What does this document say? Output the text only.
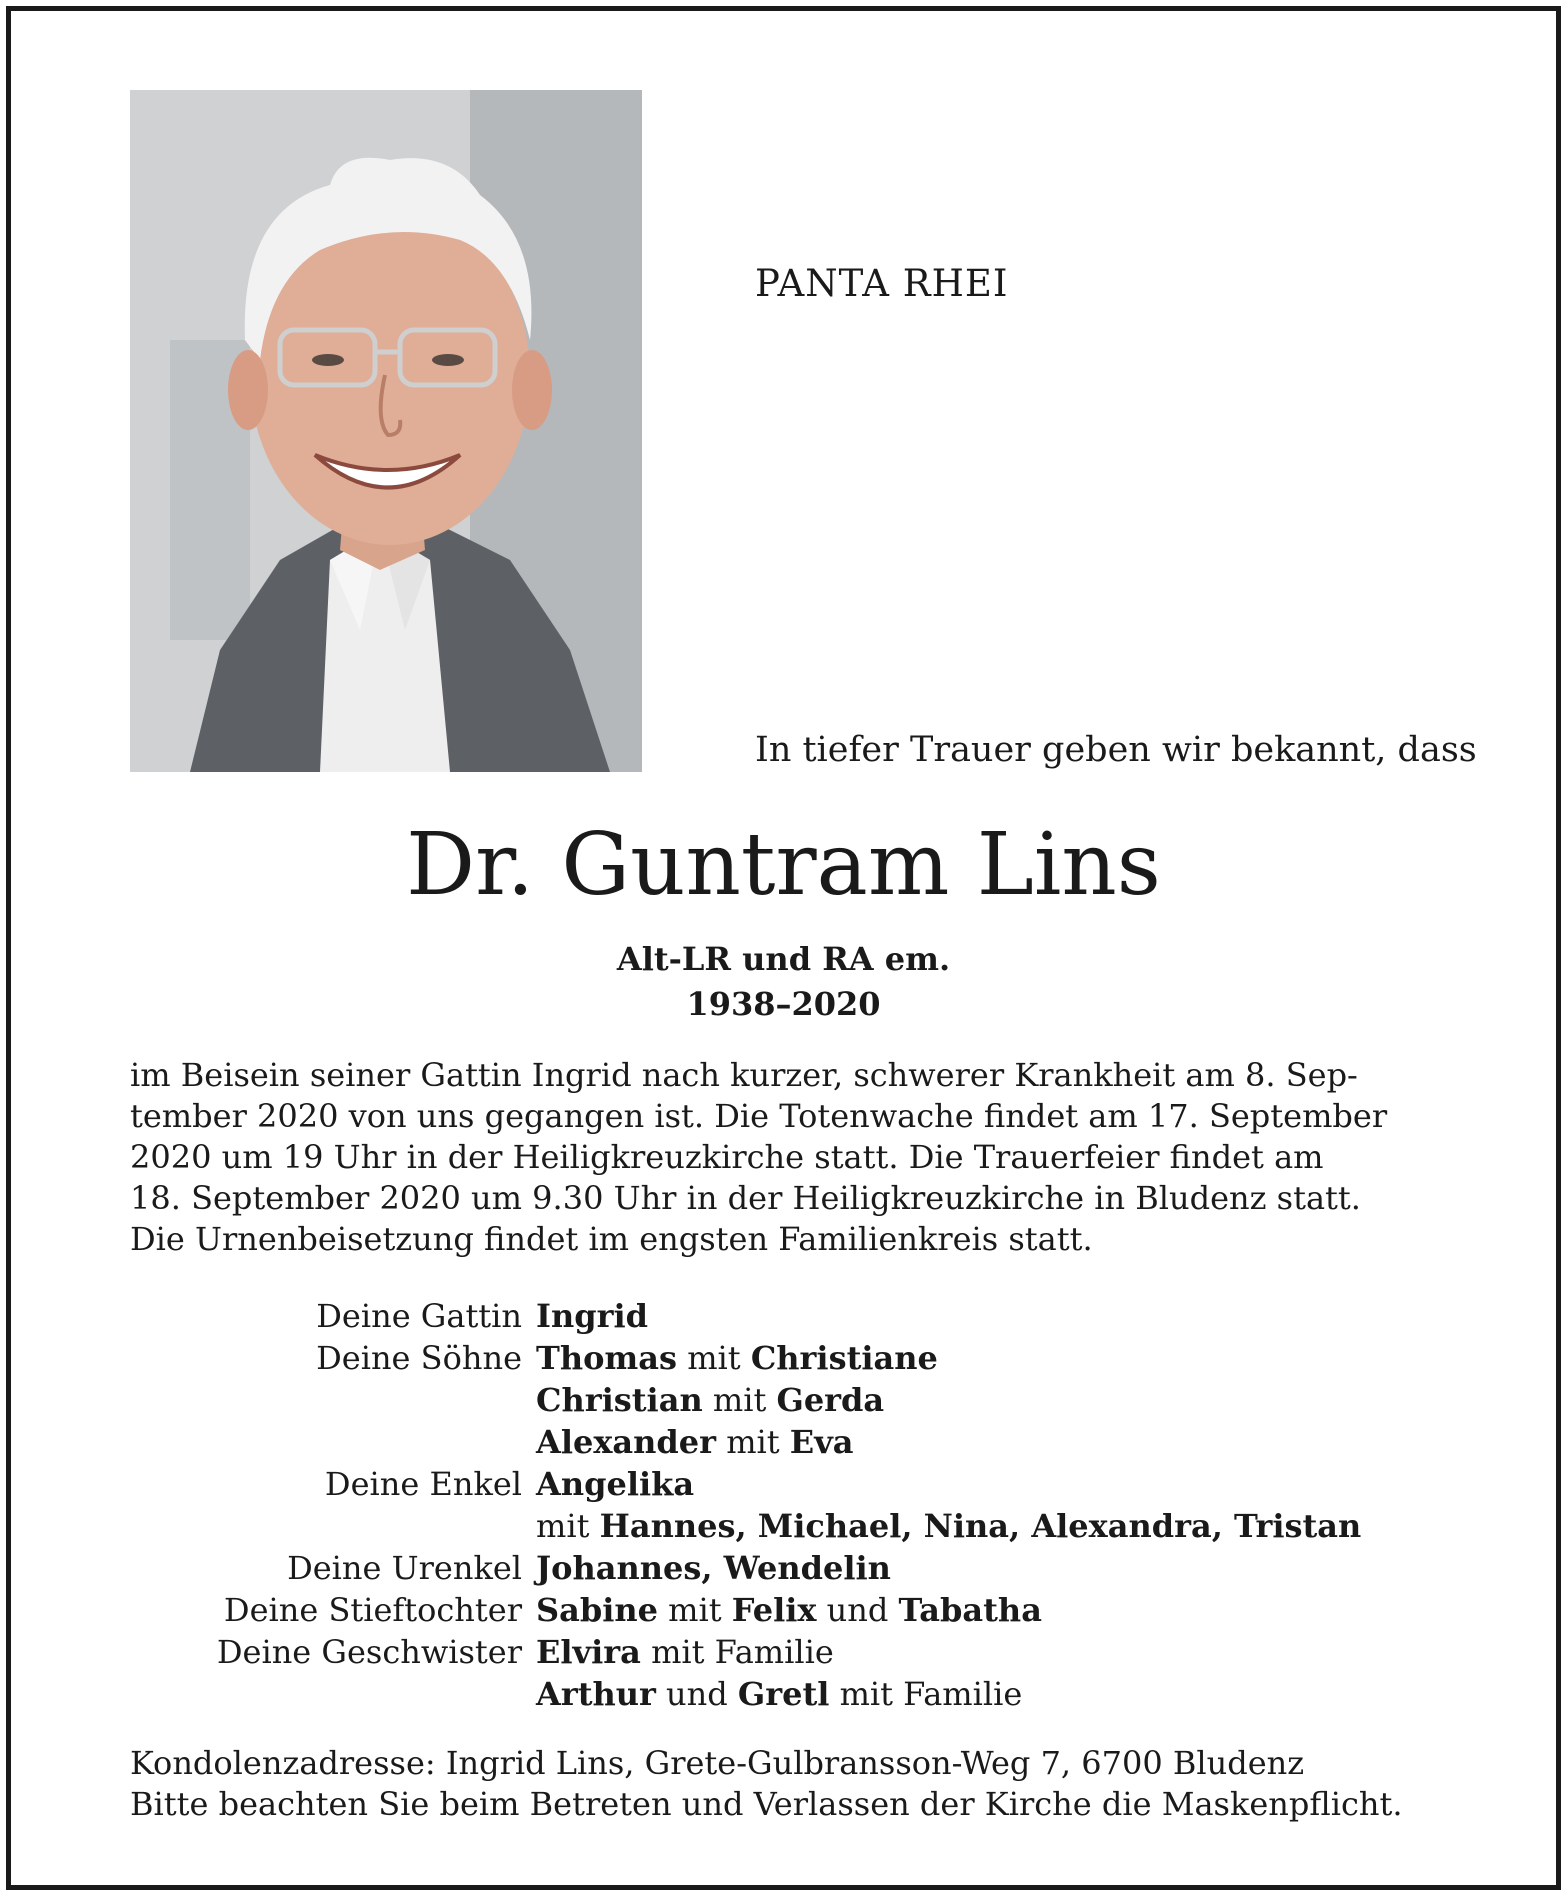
PANTA RHEI
In tiefer Trauer geben wir bekannt, dass
Dr. Guntram Lins
Alt-LR und RA em.
1938–2020
im Beisein seiner Gattin Ingrid nach kurzer, schwerer Krankheit am 8. Sep-
tember 2020 von uns gegangen ist. Die Totenwache findet am 17. September
2020 um 19 Uhr in der Heiligkreuzkirche statt. Die Trauerfeier findet am
18. September 2020 um 9.30 Uhr in der Heiligkreuzkirche in Bludenz statt.
Die Urnenbeisetzung findet im engsten Familienkreis statt.
Deine Gattin Ingrid
Deine Söhne Thomas mit Christiane
Christian mit Gerda
Alexander mit Eva
Deine Enkel Angelika
mit Hannes, Michael, Nina, Alexandra, Tristan
Deine Urenkel Johannes, Wendelin
Deine Stieftochter Sabine mit Felix und Tabatha
Deine Geschwister Elvira mit Familie
Arthur und Gretl mit Familie
Kondolenzadresse: Ingrid Lins, Grete-Gulbransson-Weg 7, 6700 Bludenz
Bitte beachten Sie beim Betreten und Verlassen der Kirche die Maskenpflicht.
